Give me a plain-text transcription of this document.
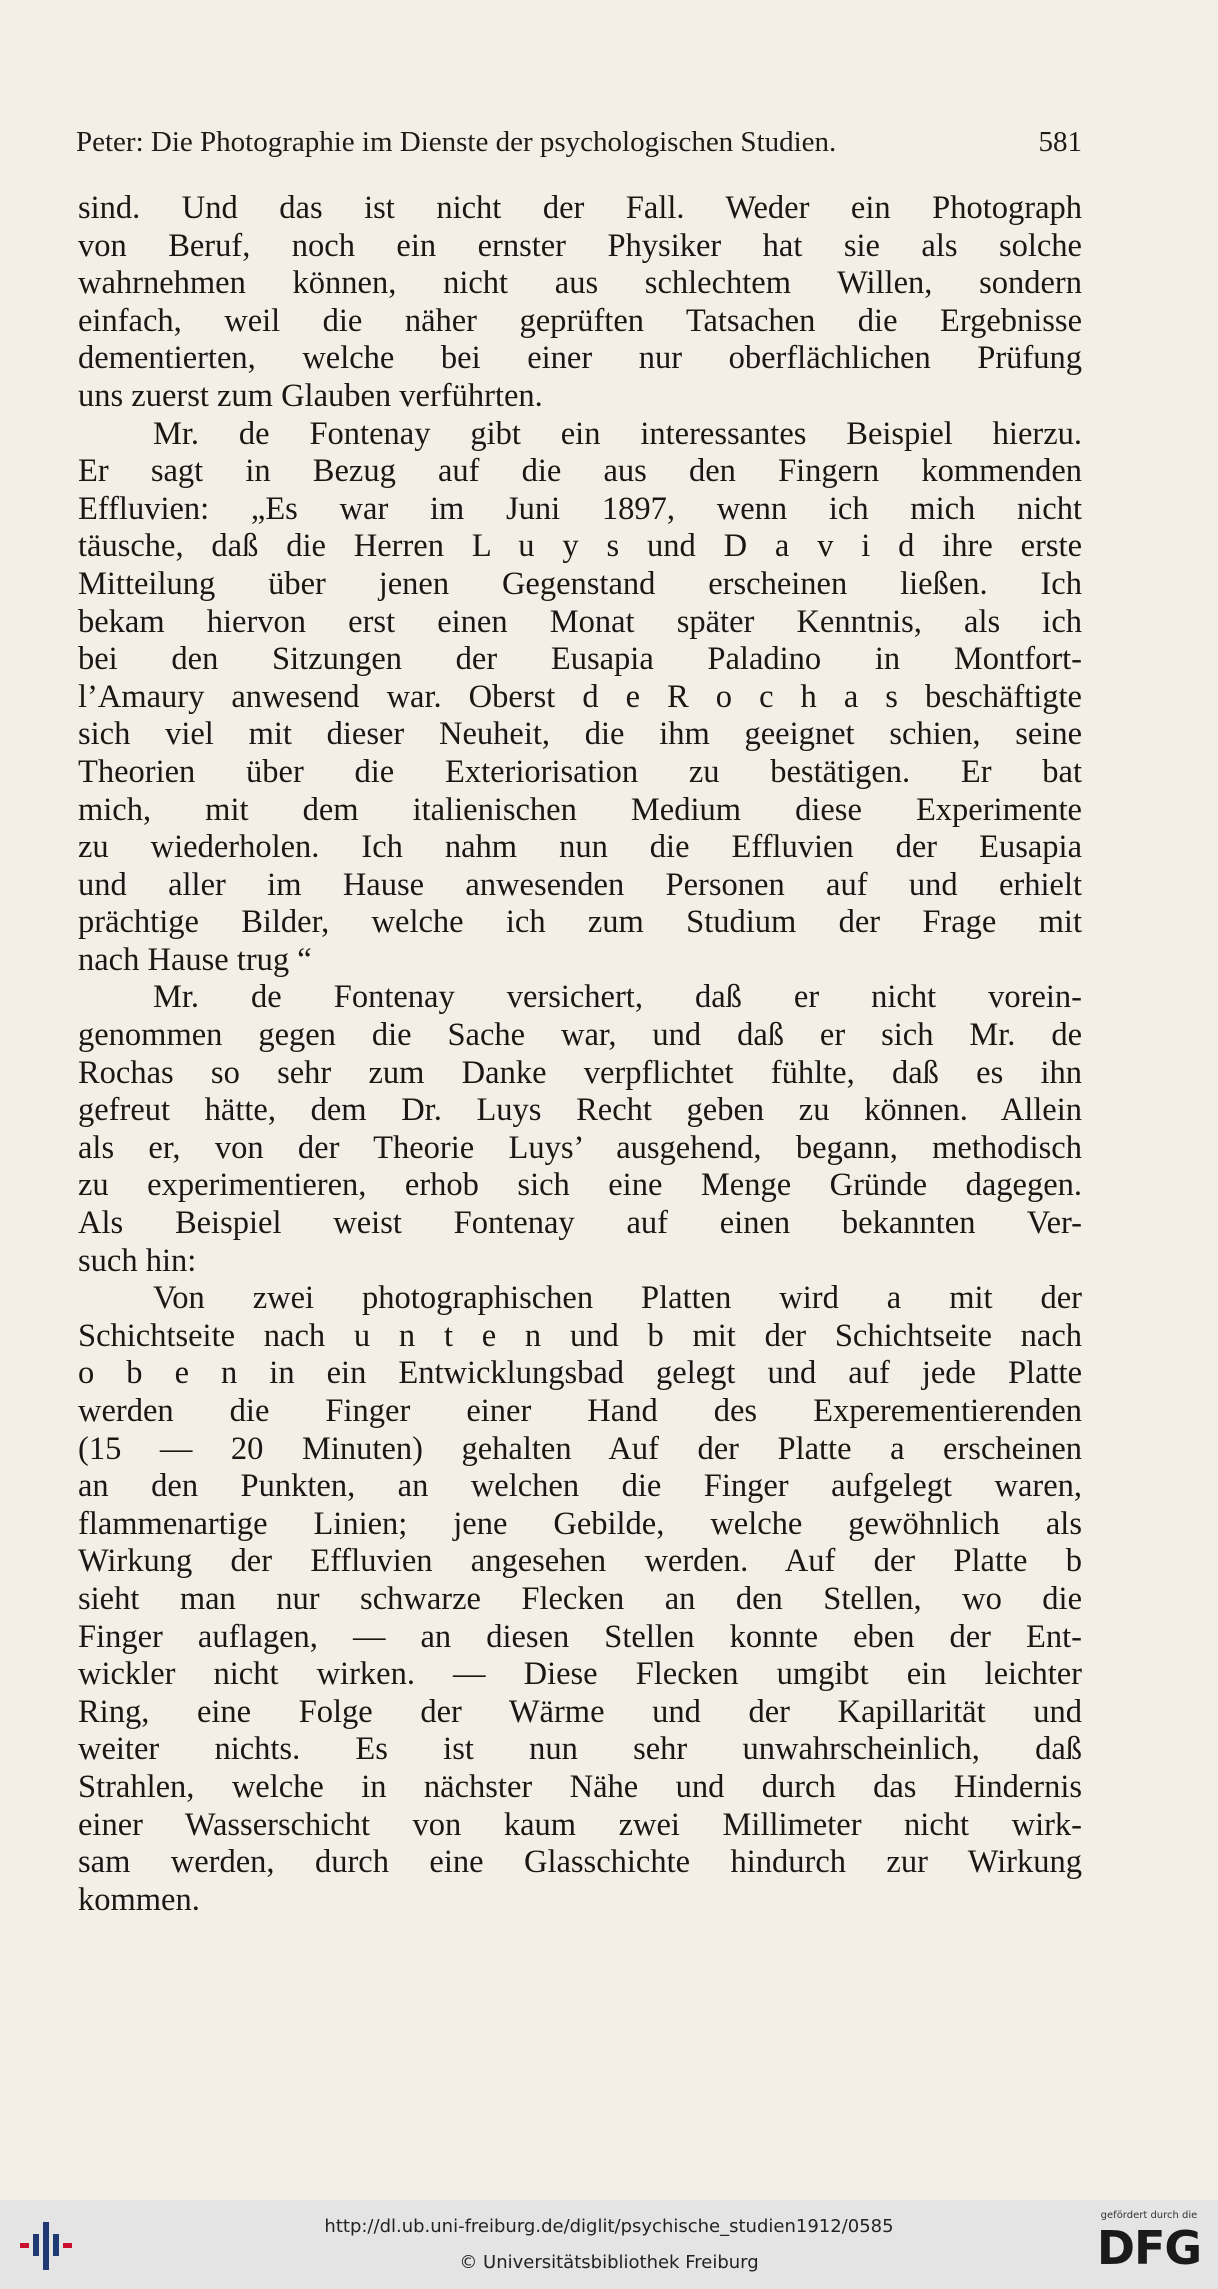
Peter: Die Photographie im Dienste der psychologischen Studien.	581
sind. Und das ist nicht der Fall. Weder ein Photograph
von Beruf, noch ein ernster Physiker hat sie als solche
wahrnehmen können, nicht aus schlechtem Willen, sondern
einfach, weil die näher geprüften Tatsachen die Ergebnisse
dementierten, welche bei einer nur oberflächlichen Prüfung
uns zuerst zum Glauben verführten.
Mr. de Fontenay gibt ein interessantes Beispiel hierzu.
Er sagt in Bezug auf die aus den Fingern kommenden
Effluvien: „Es war im Juni 1897, wenn ich mich nicht
täusche, daß die Herren L u y s und D a v i d ihre erste
Mitteilung über jenen Gegenstand erscheinen ließen. Ich
bekam hiervon erst einen Monat später Kenntnis, als ich
bei den Sitzungen der Eusapia Paladino in Montfort-
l’Amaury anwesend war. Oberst d e R o c h a s beschäftigte
sich viel mit dieser Neuheit, die ihm geeignet schien, seine
Theorien über die Exteriorisation zu bestätigen. Er bat
mich, mit dem italienischen Medium diese Experimente
zu wiederholen. Ich nahm nun die Effluvien der Eusapia
und aller im Hause anwesenden Personen auf und erhielt
prächtige Bilder, welche ich zum Studium der Frage mit
nach Hause trug “
Mr. de Fontenay versichert, daß er nicht vorein-
genommen gegen die Sache war, und daß er sich Mr. de
Rochas so sehr zum Danke verpflichtet fühlte, daß es ihn
gefreut hätte, dem Dr. Luys Recht geben zu können. Allein
als er, von der Theorie Luys’ ausgehend, begann, methodisch
zu experimentieren, erhob sich eine Menge Gründe dagegen.
Als Beispiel weist Fontenay auf einen bekannten Ver-
such hin:
Von zwei photographischen Platten wird a mit der
Schichtseite nach u n t e n und b mit der Schichtseite nach
o b e n in ein Entwicklungsbad gelegt und auf jede Platte
werden die Finger einer Hand des Experementierenden
(15 — 20 Minuten) gehalten Auf der Platte a erscheinen
an den Punkten, an welchen die Finger aufgelegt waren,
flammenartige Linien; jene Gebilde, welche gewöhnlich als
Wirkung der Effluvien angesehen werden. Auf der Platte b
sieht man nur schwarze Flecken an den Stellen, wo die
Finger auflagen, — an diesen Stellen konnte eben der Ent-
wickler nicht wirken. — Diese Flecken umgibt ein leichter
Ring, eine Folge der Wärme und der Kapillarität und
weiter nichts. Es ist nun sehr unwahrscheinlich, daß
Strahlen, welche in nächster Nähe und durch das Hindernis
einer Wasserschicht von kaum zwei Millimeter nicht wirk-
sam werden, durch eine Glasschichte hindurch zur Wirkung
kommen.
http://dl.ub.uni-freiburg.de/diglit/psychische_studien1912/0585
© Universitätsbibliothek Freiburg
gefördert durch die
DFG
